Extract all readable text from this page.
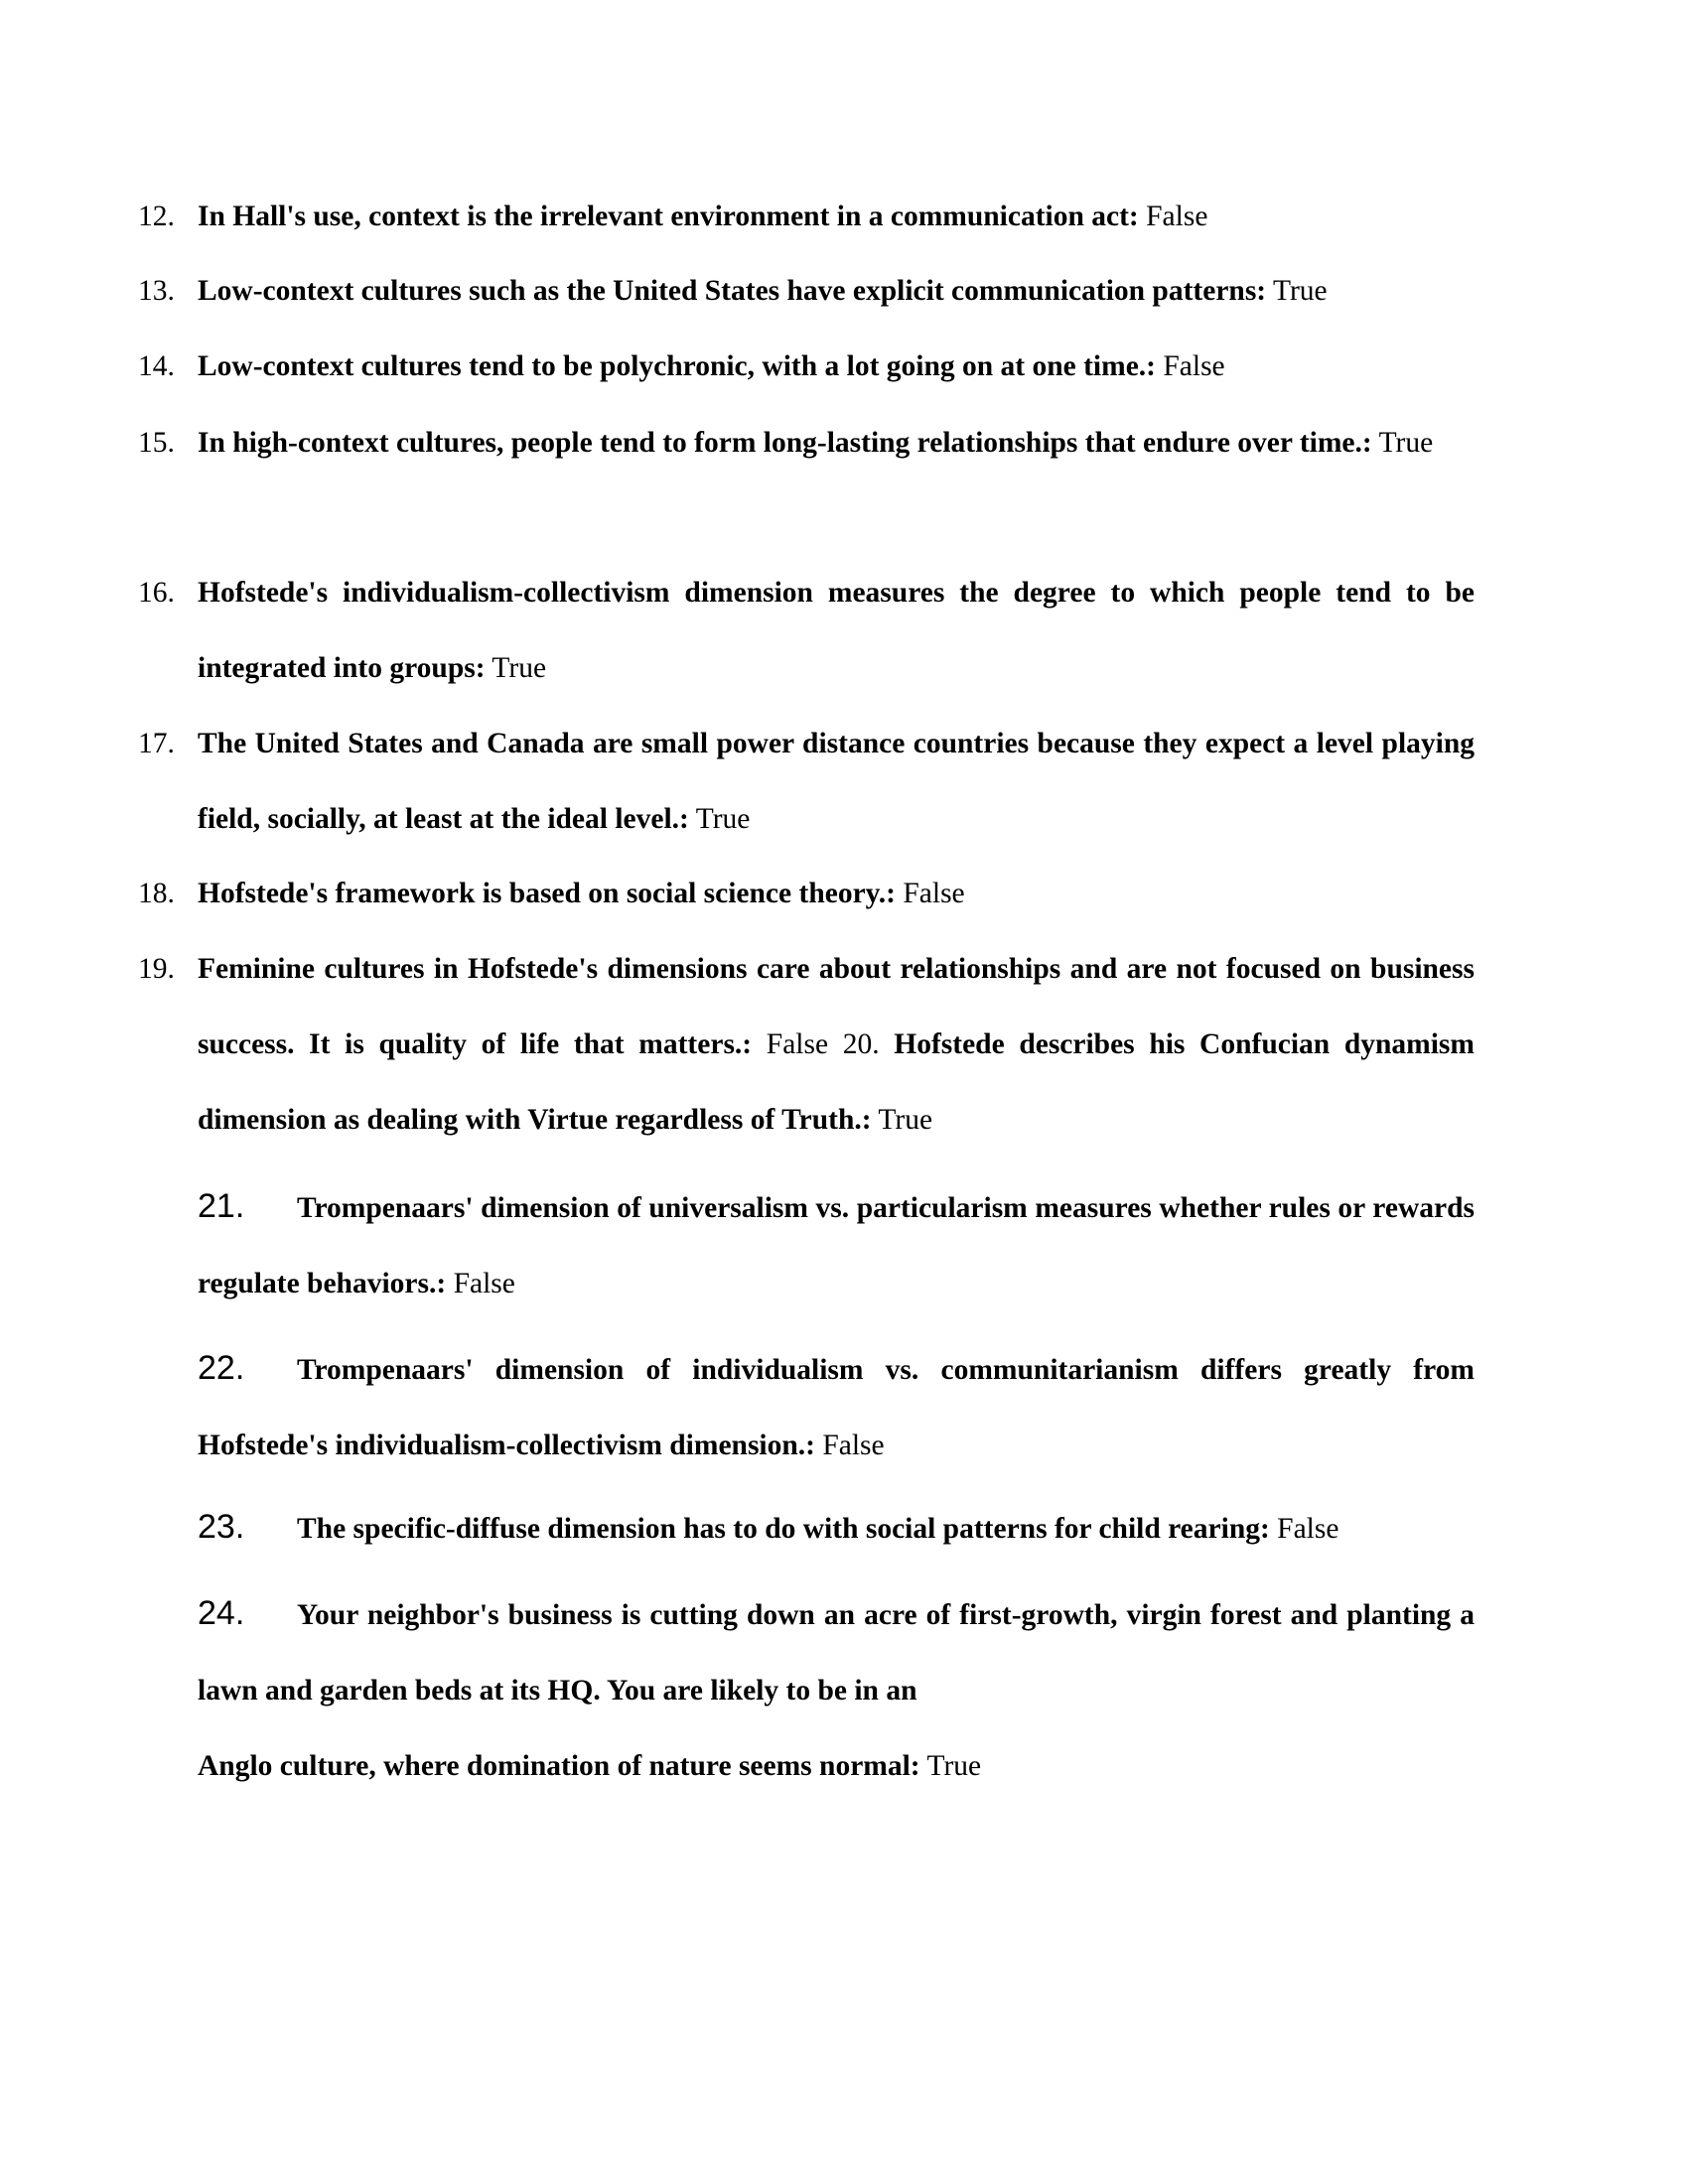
12. In Hall's use, context is the irrelevant environment in a communication act: False
13. Low-context cultures such as the United States have explicit communication patterns: True
14. Low-context cultures tend to be polychronic, with a lot going on at one time.: False
15. In high-context cultures, people tend to form long-lasting relationships that endure over time.: True
16. Hofstede's individualism-collectivism dimension measures the degree to which people tend to be integrated into groups: True
17. The United States and Canada are small power distance countries because they expect a level playing field, socially, at least at the ideal level.: True
18. Hofstede's framework is based on social science theory.: False
19. Feminine cultures in Hofstede's dimensions care about relationships and are not focused on business success. It is quality of life that matters.: False 20. Hofstede describes his Confucian dynamism dimension as dealing with Virtue regardless of Truth.: True
21. Trompenaars' dimension of universalism vs. particularism measures whether rules or rewards regulate behaviors.: False
22. Trompenaars' dimension of individualism vs. communitarianism differs greatly from Hofstede's individualism-collectivism dimension.: False
23. The specific-diffuse dimension has to do with social patterns for child rearing: False
24. Your neighbor's business is cutting down an acre of first-growth, virgin forest and planting a lawn and garden beds at its HQ. You are likely to be in an
Anglo culture, where domination of nature seems normal: True
